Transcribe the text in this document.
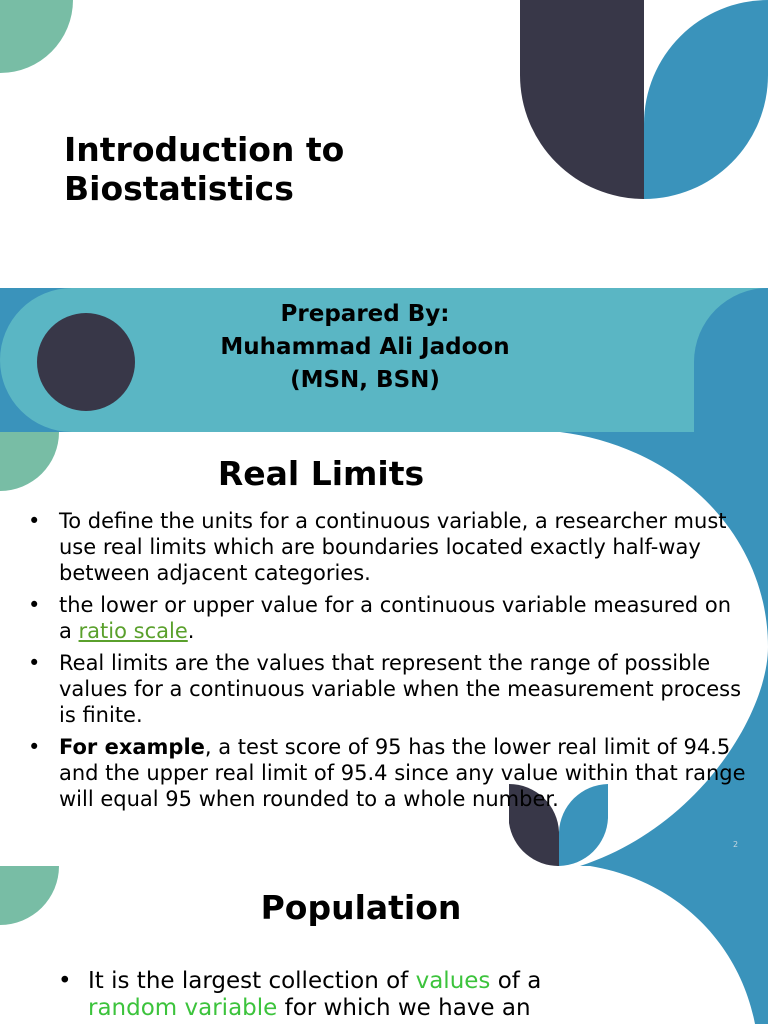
Introduction to Biostatistics
Prepared By:
Muhammad Ali Jadoon
(MSN, BSN)
Real Limits
• To define the units for a continuous variable, a researcher must use real limits which are boundaries located exactly half-way between adjacent categories.
• the lower or upper value for a continuous variable measured on a ratio scale.
• Real limits are the values that represent the range of possible values for a continuous variable when the measurement process is finite.
• For example, a test score of 95 has the lower real limit of 94.5 and the upper real limit of 95.4 since any value within that range will equal 95 when rounded to a whole number.
2
Population
• It is the largest collection of values of a random variable for which we have an
